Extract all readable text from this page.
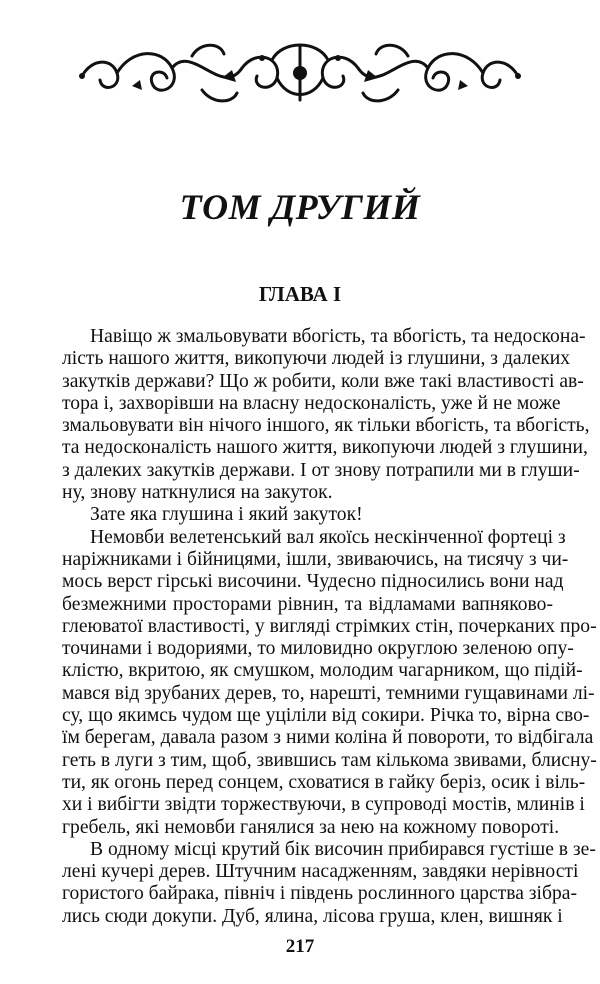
ТОМ ДРУГИЙ
ГЛАВА І
Навіщо ж змальовувати вбогість, та вбогість, та недоскона-
лість нашого життя, викопуючи людей із глушини, з далеких
закутків держави? Що ж робити, коли вже такі властивості ав-
тора і, захворівши на власну недосконалість, уже й не може
змальовувати він нічого іншого, як тільки вбогість, та вбогість,
та недосконалість нашого життя, викопуючи людей з глушини,
з далеких закутків держави. І от знову потрапили ми в глуши-
ну, знову наткнулися на закуток.
Зате яка глушина і який закуток!
Немовби велетенський вал якоїсь нескінченної фортеці з
наріжниками і бійницями, ішли, звиваючись, на тисячу з чи-
мось верст гірські височини. Чудесно підносились вони над
безмежними просторами рівнин, та відламами вапняково-
глеюватої властивості, у вигляді стрімких стін, почерканих про-
точинами і водориями, то миловидно округлою зеленою опу-
клістю, вкритою, як смушком, молодим чагарником, що підій-
мався від зрубаних дерев, то, нарешті, темними гущавинами лі-
су, що якимсь чудом ще уціліли від сокири. Річка то, вірна сво-
їм берегам, давала разом з ними коліна й повороти, то відбігала
геть в луги з тим, щоб, звившись там кількома звивами, блисну-
ти, як огонь перед сонцем, сховатися в гайку беріз, осик і віль-
хи і вибігти звідти торжествуючи, в супроводі мостів, млинів і
гребель, які немовби ганялися за нею на кожному повороті.
В одному місці крутий бік височин прибирався густіше в зе-
лені кучері дерев. Штучним насадженням, завдяки нерівності
гористого байрака, північ і південь рослинного царства зібра-
лись сюди докупи. Дуб, ялина, лісова груша, клен, вишняк і
217
